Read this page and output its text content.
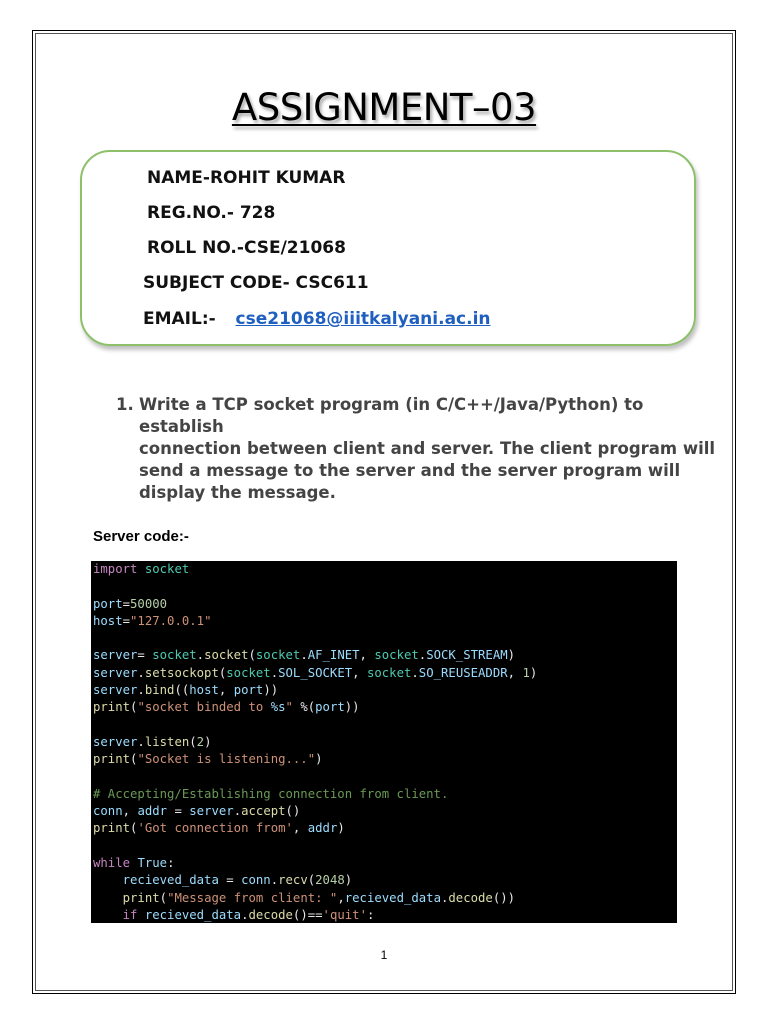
ASSIGNMENT–03
NAME-ROHIT KUMAR
REG.NO.- 728
ROLL NO.-CSE/21068
SUBJECT CODE- CSC611
EMAIL:- cse21068@iiitkalyani.ac.in
1. Write a TCP socket program (in C/C++/Java/Python) to
establish
connection between client and server. The client program will
send a message to the server and the server program will
display the message.
Server code:-
import socket
port=50000
host="127.0.0.1"
server= socket.socket(socket.AF_INET, socket.SOCK_STREAM)
server.setsockopt(socket.SOL_SOCKET, socket.SO_REUSEADDR, 1)
server.bind((host, port))
print("socket binded to %s" %(port))
server.listen(2)
print("Socket is listening...")
# Accepting/Establishing connection from client.
conn, addr = server.accept()
print('Got connection from', addr)
while True:
recieved_data = conn.recv(2048)
print("Message from client: ",recieved_data.decode())
if recieved_data.decode()=='quit':
1
